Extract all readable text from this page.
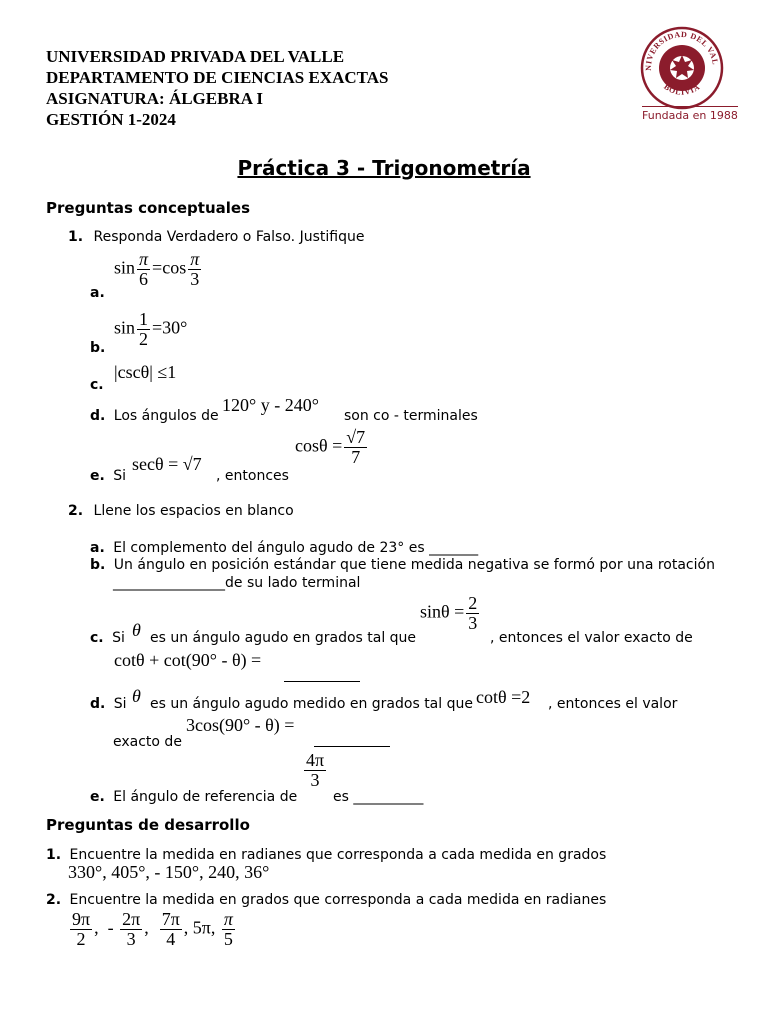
UNIVERSIDAD PRIVADA DEL VALLE
DEPARTAMENTO DE CIENCIAS EXACTAS
ASIGNATURA: ÁLGEBRA I
GESTIÓN 1-2024
NIVERSIDAD DEL VAL
BOLIVIA
Fundada en 1988
Práctica 3 - Trigonometría
Preguntas conceptuales
1. Responda Verdadero o Falso. Justifique
a.
$\sin \frac{\pi}{6} =\cos \frac{\pi}{3}$
b.
$\sin \frac{1}{2} =30^\circ$
c.
|cscθ| ≤1
d. Los ángulos de
120° y - 240°
son co - terminales
e. Si
secθ = √7
, entonces
$\cos\theta = \frac{√7}{7}$
2. Llene los espacios en blanco
a. El complemento del ángulo agudo de 23° es _______
b. Un ángulo en posición estándar que tiene medida negativa se formó por una rotación
________________de su lado terminal
c. Si θ es un ángulo agudo en grados tal que
$\sin\theta = \frac{2}{3}$
, entonces el valor exacto de
cotθ + cot(90° - θ) =
d. Si θ es un ángulo agudo medido en grados tal que cotθ =2 , entonces el valor
3cos(90° - θ) =
exacto de
e. El ángulo de referencia de
$\frac{4\pi}{3}$
es __________
Preguntas de desarrollo
1. Encuentre la medida en radianes que corresponda a cada medida en grados
330°, 405°, - 150°, 240, 36°
2. Encuentre la medida en grados que corresponda a cada medida en radianes
$\frac{9\pi}{2}$ ,  - $\frac{2\pi}{3}$ , $\frac{7\pi}{4}$ , 5π, $\frac{\pi}{5}$
